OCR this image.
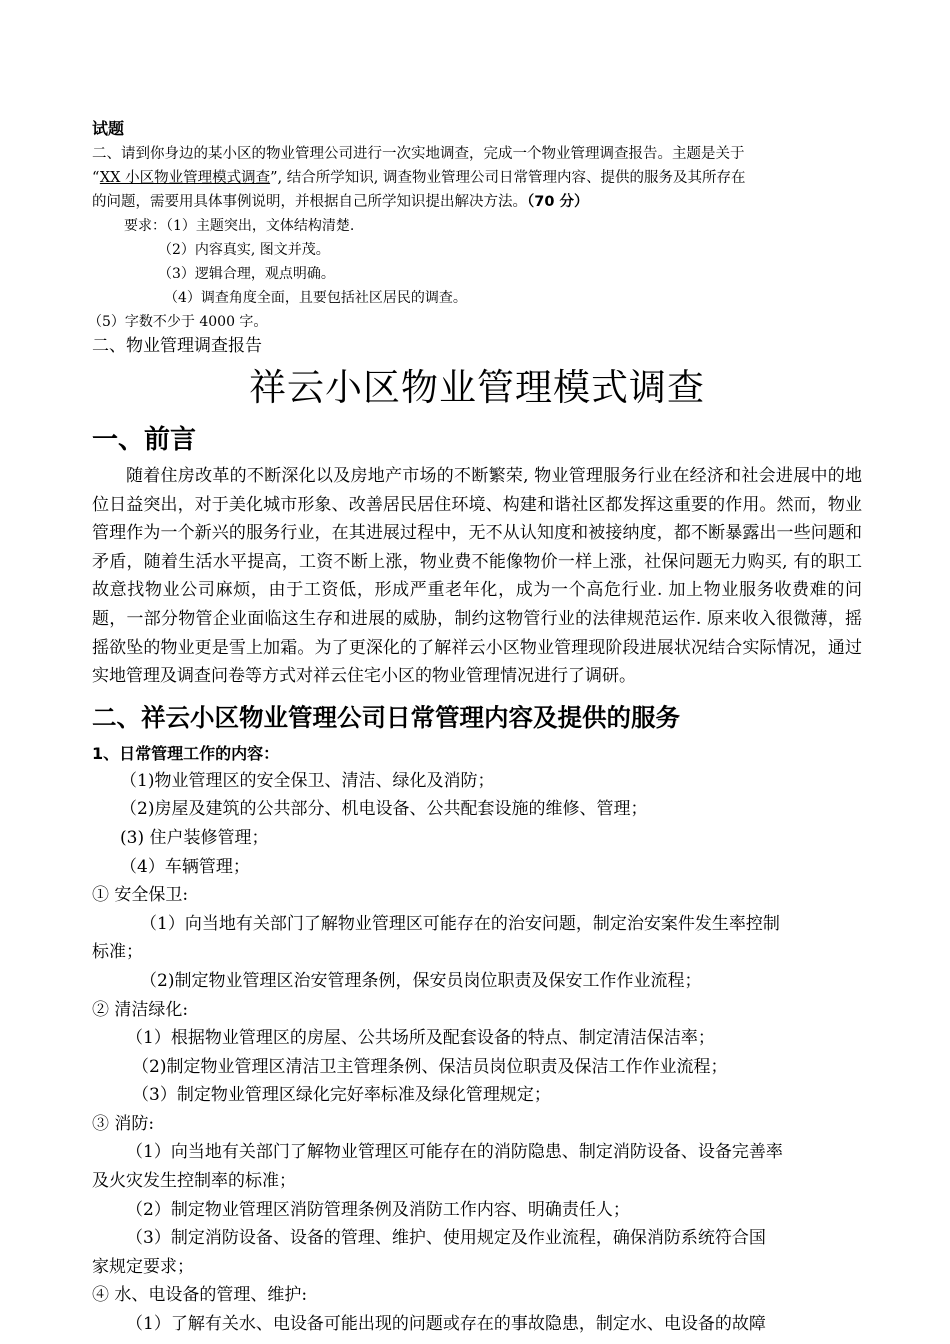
试题

二、请到你身边的某小区的物业管理公司进行一次实地调查，完成一个物业管理调查报告。主题是关于

“XX 小区物业管理模式调查”, 结合所学知识, 调查物业管理公司日常管理内容、提供的服务及其所存在

的问题，需要用具体事例说明，并根据自己所学知识提出解决方法。（70 分）

要求：（1）主题突出，文体结构清楚.

（2）内容真实, 图文并茂。

（3）逻辑合理，观点明确。

（4）调查角度全面，且要包括社区居民的调查。

（5）字数不少于 4000 字。

二、物业管理调查报告

祥云小区物业管理模式调查

一、前言

随着住房改革的不断深化以及房地产市场的不断繁荣, 物业管理服务行业在经济和社会进展中的地位日益突出，对于美化城市形象、改善居民居住环境、构建和谐社区都发挥这重要的作用。然而，物业管理作为一个新兴的服务行业，在其进展过程中，无不从认知度和被接纳度，都不断暴露出一些问题和矛盾，随着生活水平提高，工资不断上涨，物业费不能像物价一样上涨，社保问题无力购买, 有的职工故意找物业公司麻烦，由于工资低，形成严重老年化，成为一个高危行业. 加上物业服务收费难的问题，一部分物管企业面临这生存和进展的威胁，制约这物管行业的法律规范运作. 原来收入很微薄，摇摇欲坠的物业更是雪上加霜。为了更深化的了解祥云小区物业管理现阶段进展状况结合实际情况，通过实地管理及调查问卷等方式对祥云住宅小区的物业管理情况进行了调研。

二、祥云小区物业管理公司日常管理内容及提供的服务

1、日常管理工作的内容：

（1)物业管理区的安全保卫、清洁、绿化及消防；

（2)房屋及建筑的公共部分、机电设备、公共配套设施的维修、管理；

(3) 住户装修管理；

（4）车辆管理；

① 安全保卫:

（1）向当地有关部门了解物业管理区可能存在的治安问题，制定治安案件发生率控制

标准；

（2)制定物业管理区治安管理条例，保安员岗位职责及保安工作作业流程；

② 清洁绿化:

（1）根据物业管理区的房屋、公共场所及配套设备的特点、制定清洁保洁率；

（2)制定物业管理区清洁卫主管理条例、保洁员岗位职责及保洁工作作业流程；

（3）制定物业管理区绿化完好率标准及绿化管理规定；

③ 消防:

（1）向当地有关部门了解物业管理区可能存在的消防隐患、制定消防设备、设备完善率

及火灾发生控制率的标准；

（2）制定物业管理区消防管理条例及消防工作内容、明确责任人；

（3）制定消防设备、设备的管理、维护、使用规定及作业流程，确保消防系统符合国

家规定要求；

④ 水、电设备的管理、维护:

（1）了解有关水、电设备可能出现的问题或存在的事故隐患，制定水、电设备的故障
